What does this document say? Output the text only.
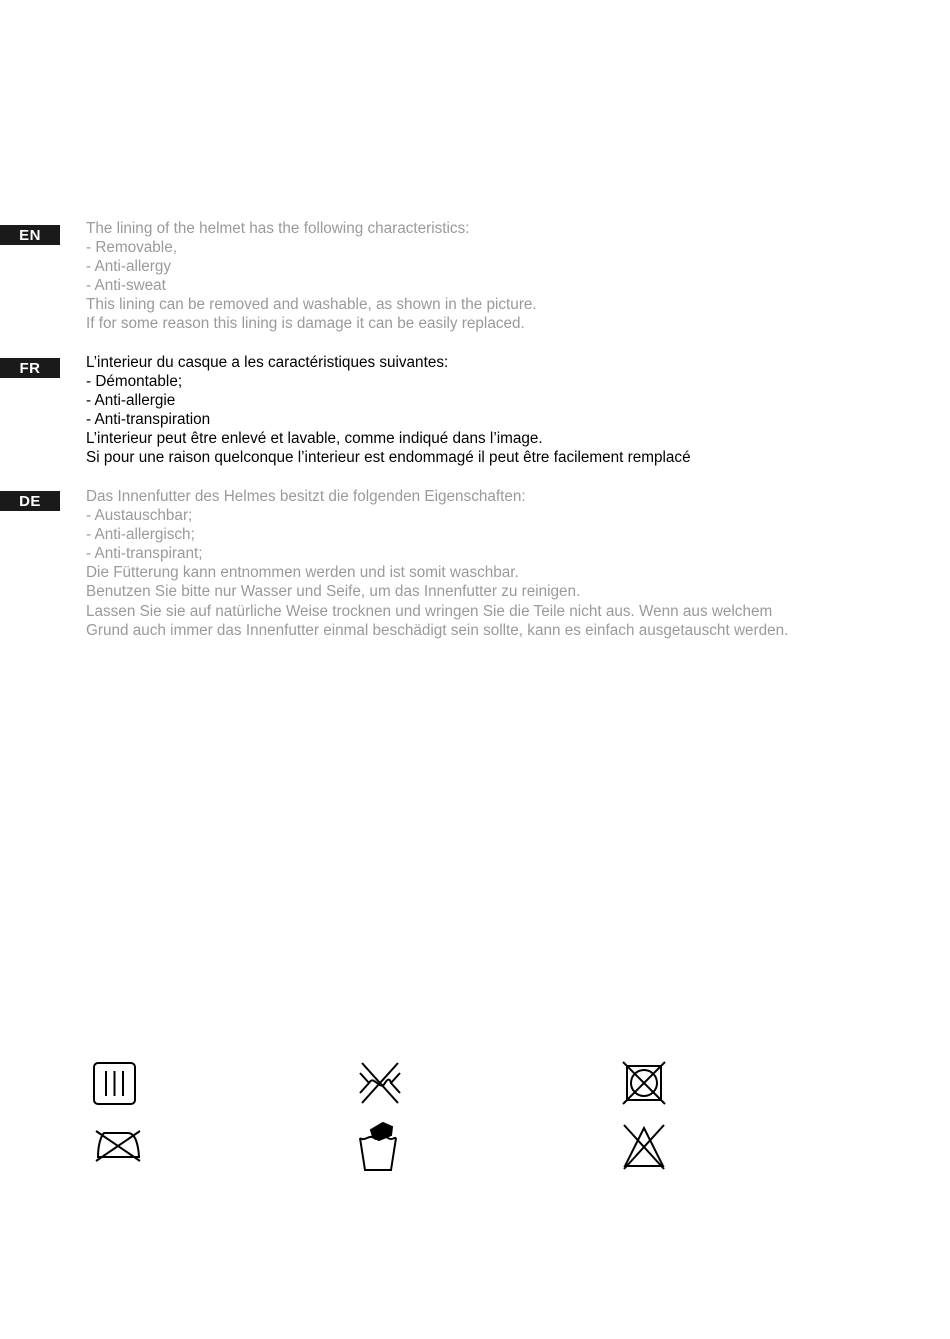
EN	The lining of the helmet has the following characteristics:
- Removable,
- Anti-allergy
- Anti-sweat
This lining can be removed and washable, as shown in the picture.
If for some reason this lining is damage it can be easily replaced.
FR	L’interieur du casque a les caractéristiques suivantes:
- Démontable;
- Anti-allergie
- Anti-transpiration
L’interieur peut être enlevé et lavable, comme indiqué dans l’image.
Si pour une raison quelconque l’interieur est endommagé il peut être facilement remplacé
DE	Das Innenfutter des Helmes besitzt die folgenden Eigenschaften:
- Austauschbar;
- Anti-allergisch;
- Anti-transpirant;
Die Fütterung kann entnommen werden und ist somit waschbar.
Benutzen Sie bitte nur Wasser und Seife, um das Innenfutter zu reinigen.
Lassen Sie sie auf natürliche Weise trocknen und wringen Sie die Teile nicht aus. Wenn aus welchem
Grund auch immer das Innenfutter einmal beschädigt sein sollte, kann es einfach ausgetauscht werden.
